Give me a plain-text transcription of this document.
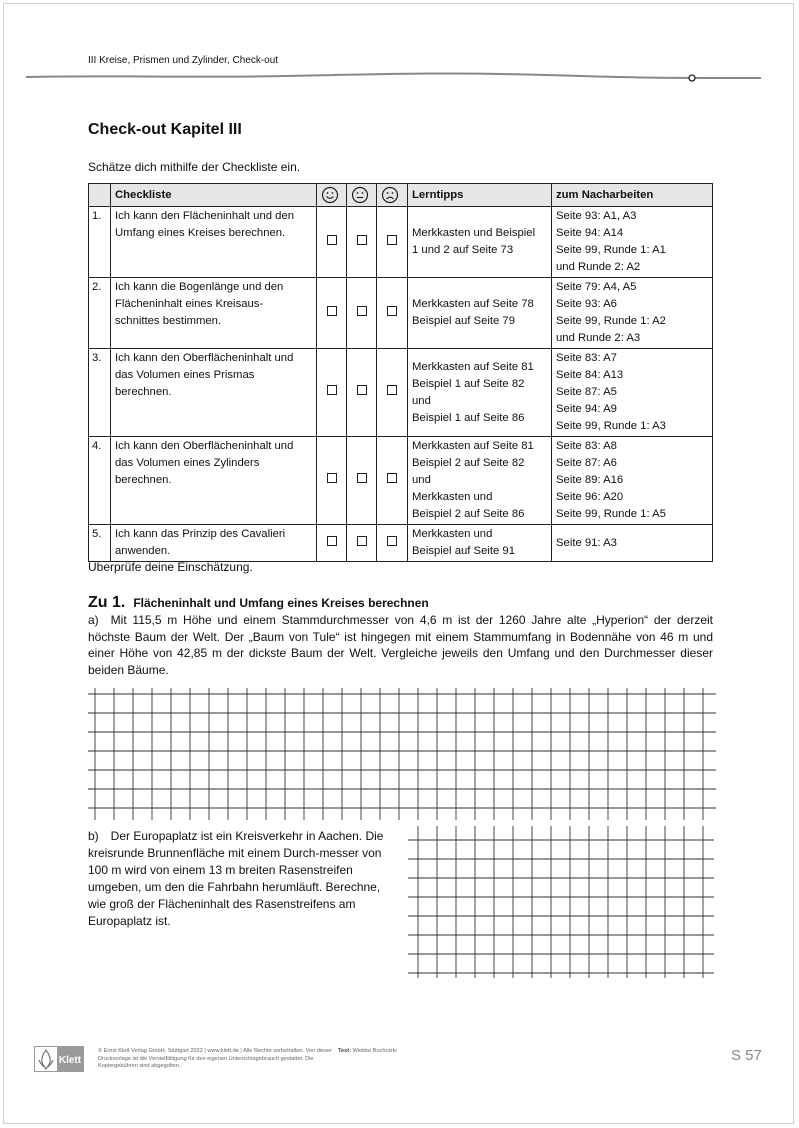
III Kreise, Prismen und Zylinder, Check-out
Check-out Kapitel III
Schätze dich mithilfe der Checkliste ein.
	Checkliste				Lerntipps	zum Nacharbeiten
1.	Ich kann den Flächeninhalt und den
Umfang eines Kreises berechnen.				Merkkasten und Beispiel
1 und 2 auf Seite 73	Seite 93: A1, A3
Seite 94: A14
Seite 99, Runde 1: A1
und Runde 2: A2
2.	Ich kann die Bogenlänge und den
Flächeninhalt eines Kreisaus-
schnittes bestimmen.				Merkkasten auf Seite 78
Beispiel auf Seite 79	Seite 79: A4, A5
Seite 93: A6
Seite 99, Runde 1: A2
und Runde 2: A3
3.	Ich kann den Oberflächeninhalt und
das Volumen eines Prismas
berechnen.				Merkkasten auf Seite 81
Beispiel 1 auf Seite 82
und
Beispiel 1 auf Seite 86	Seite 83: A7
Seite 84: A13
Seite 87: A5
Seite 94: A9
Seite 99, Runde 1: A3
4.	Ich kann den Oberflächeninhalt und
das Volumen eines Zylinders
berechnen.				Merkkasten auf Seite 81
Beispiel 2 auf Seite 82
und
Merkkasten und
Beispiel 2 auf Seite 86	Seite 83: A8
Seite 87: A6
Seite 89: A16
Seite 96: A20
Seite 99, Runde 1: A5
5.	Ich kann das Prinzip des Cavalieri
anwenden.				Merkkasten und
Beispiel auf Seite 91	Seite 91: A3
Überprüfe deine Einschätzung.
Zu 1. Flächeninhalt und Umfang eines Kreises berechnen
a) Mit 115,5 m Höhe und einem Stammdurchmesser von 4,6 m ist der 1260 Jahre alte „Hyperion“ der derzeit höchste Baum der Welt. Der „Baum von Tule“ ist hingegen mit einem Stammumfang in Bodennähe von 46 m und einer Höhe von 42,85 m der dickste Baum der Welt. Vergleiche jeweils den Umfang und den Durchmesser dieser beiden Bäume.
b) Der Europaplatz ist ein Kreisverkehr in Aachen. Die kreisrunde Brunnenfläche mit einem Durch-messer von 100 m wird von einem 13 m breiten Rasenstreifen umgeben, um den die Fahrbahn herumläuft. Berechne, wie groß der Flächeninhalt des Rasenstreifens am Europaplatz ist.
Klett
© Ernst Klett Verlag GmbH, Stuttgart 2022 | www.klett.de | Alle Rechte vorbehalten. Von dieser Druckvorlage ist die Vervielfältigung für den eigenen Unterrichtsgebrauch gestattet. Die Kopiergebühren sind abgegolten.
Text: Wiebke Bucholzki	S 57
